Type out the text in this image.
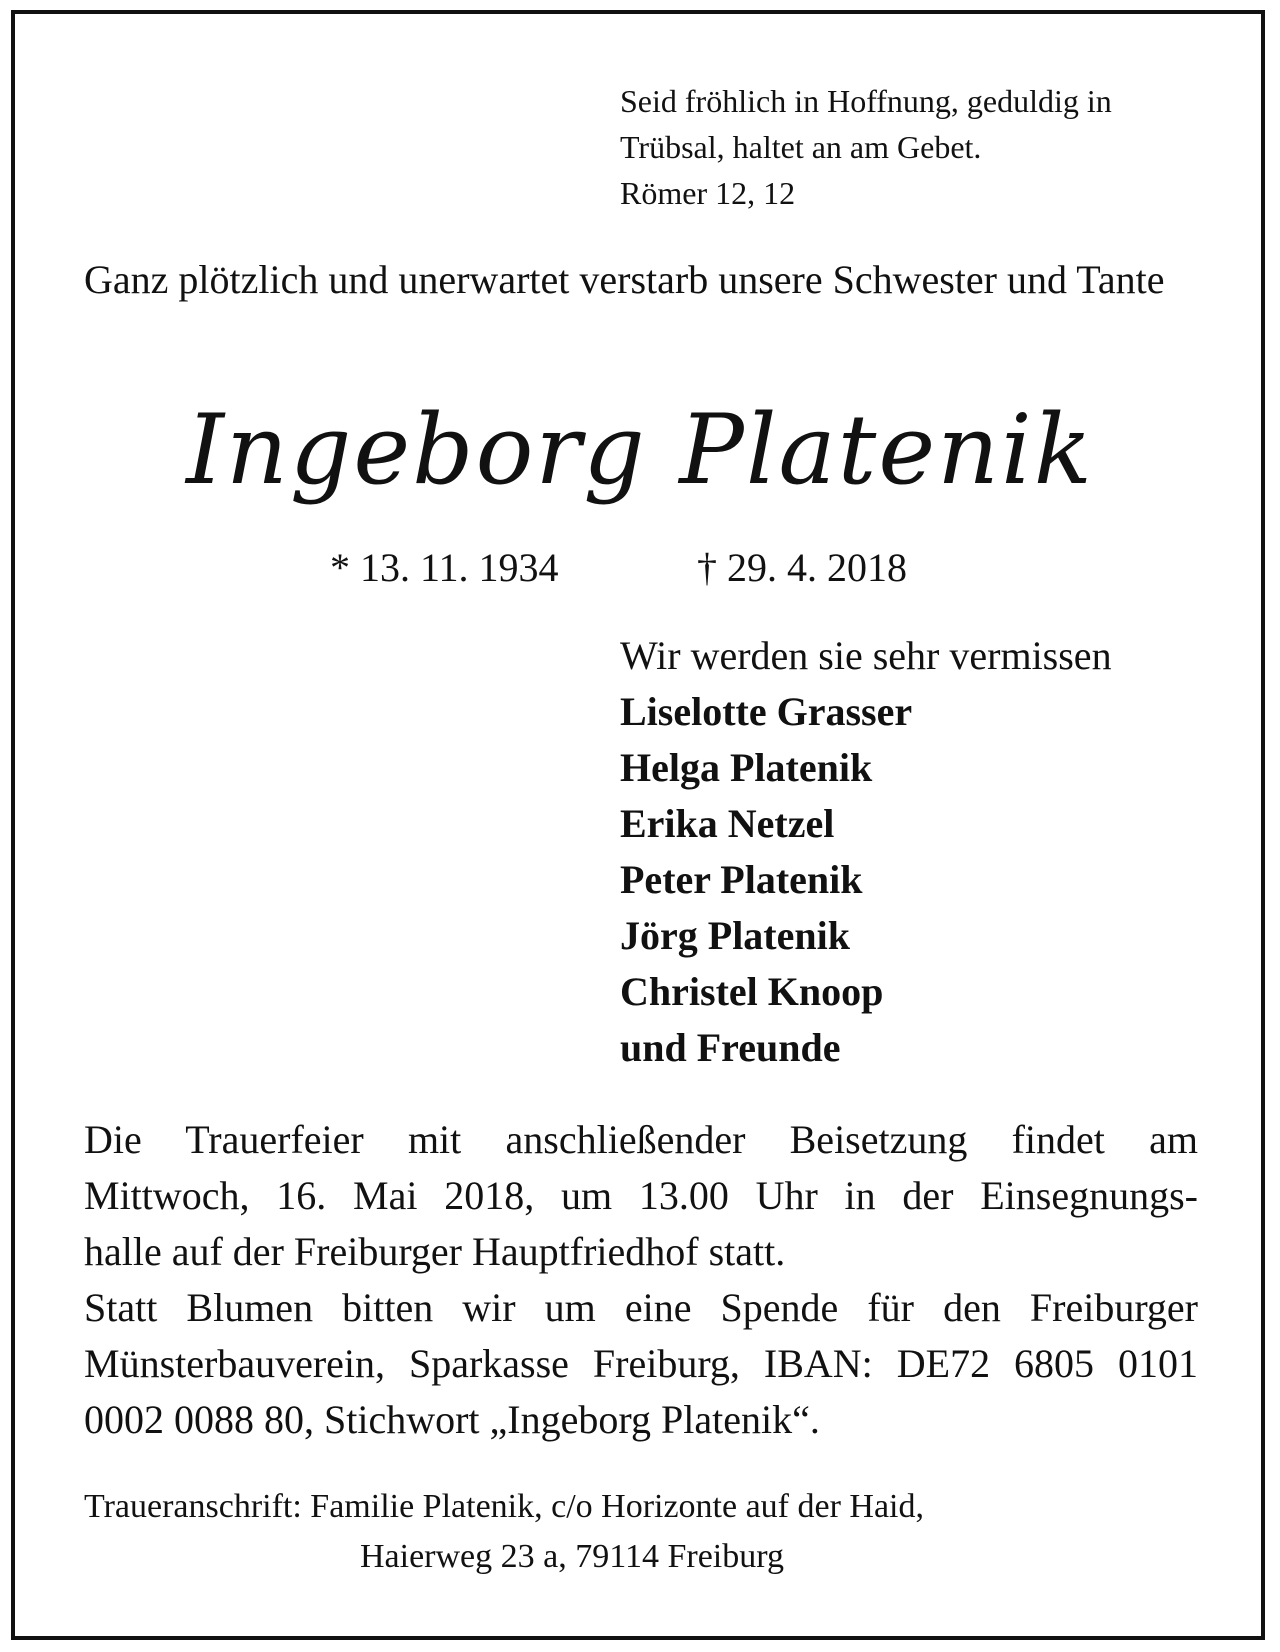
Seid fröhlich in Hoffnung, geduldig in
Trübsal, haltet an am Gebet.
Römer 12, 12

Ganz plötzlich und unerwartet verstarb unsere Schwester und Tante

Ingeborg Platenik
* 13. 11. 1934	† 29. 4. 2018
Wir werden sie sehr vermissen
Liselotte Grasser
Helga Platenik
Erika Netzel
Peter Platenik
Jörg Platenik
Christel Knoop
und Freunde
Die Trauerfeier mit anschließender Beisetzung findet am
Mittwoch, 16. Mai 2018, um 13.00 Uhr in der Einsegnungs-
halle auf der Freiburger Hauptfriedhof statt.
Statt Blumen bitten wir um eine Spende für den Freiburger
Münsterbauverein, Sparkasse Freiburg, IBAN: DE72 6805 0101
0002 0088 80, Stichwort „Ingeborg Platenik“.
Traueranschrift: Familie Platenik, c/o Horizonte auf der Haid,
Haierweg 23 a, 79114 Freiburg
